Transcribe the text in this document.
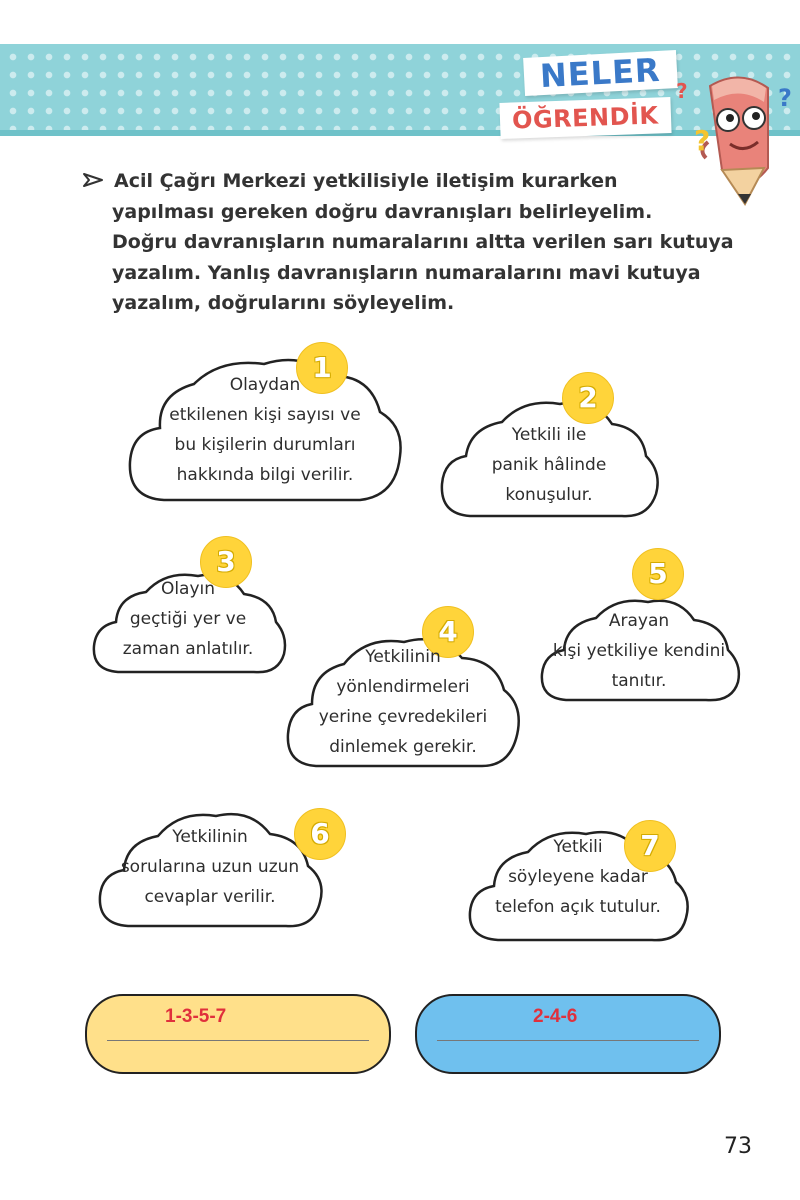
NELER
ÖĞRENDİK
?	?
?
Acil Çağrı Merkezi yetkilisiyle iletişim kurarken
yapılması gereken doğru davranışları belirleyelim.
Doğru davranışların numaralarını altta verilen sarı kutuya
yazalım. Yanlış davranışların numaralarını mavi kutuya
yazalım, doğrularını söyleyelim.
1
Olaydan
etkilenen kişi sayısı ve
bu kişilerin durumları
hakkında bilgi verilir.
2
Yetkili ile
panik hâlinde
konuşulur.
3
Olayın
geçtiği yer ve
zaman anlatılır.
4
Yetkilinin
yönlendirmeleri
yerine çevredekileri
dinlemek gerekir.
5
Arayan
kişi yetkiliye kendini
tanıtır.
6
Yetkilinin
sorularına uzun uzun
cevaplar verilir.
7
Yetkili
söyleyene kadar
telefon açık tutulur.
1-3-5-7	2-4-6
73
